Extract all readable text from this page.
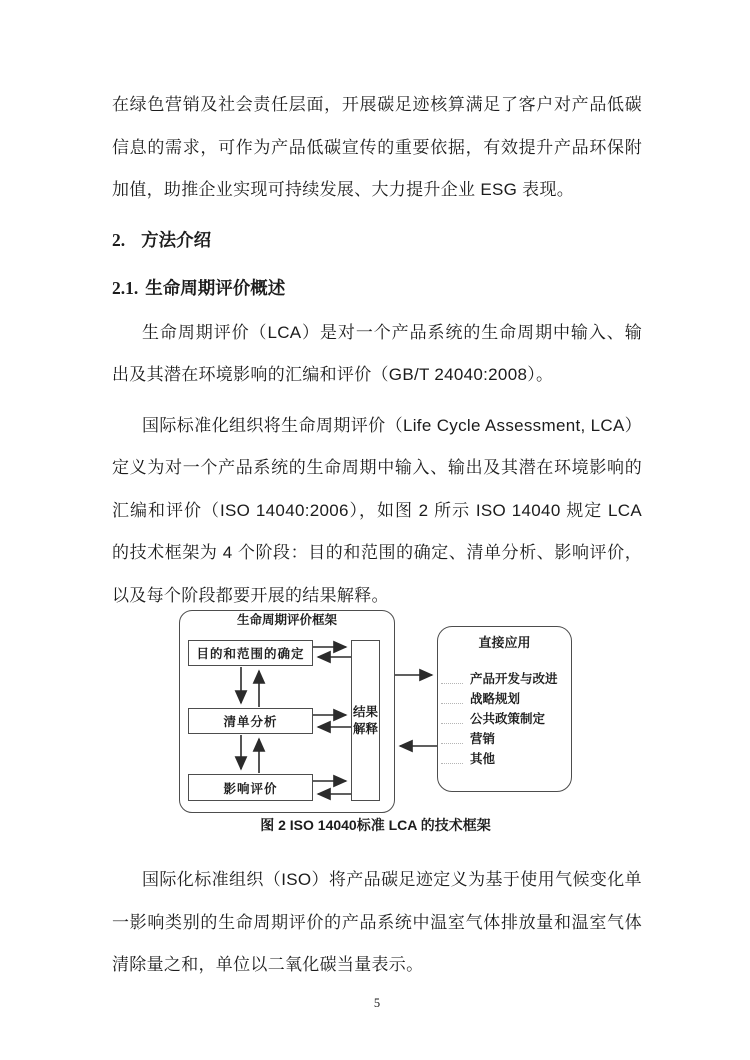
在绿色营销及社会责任层面，开展碳足迹核算满足了客户对产品低碳信息的需求，可作为产品低碳宣传的重要依据，有效提升产品环保附加值，助推企业实现可持续发展、大力提升企业 ESG 表现。

2. 方法介绍
2.1. 生命周期评价概述

生命周期评价（LCA）是对一个产品系统的生命周期中输入、输出及其潜在环境影响的汇编和评价（GB/T 24040:2008）。

国际标准化组织将生命周期评价（Life Cycle Assessment, LCA）定义为对一个产品系统的生命周期中输入、输出及其潜在环境影响的汇编和评价（ISO 14040:2006），如图 2 所示 ISO 14040 规定 LCA 的技术框架为 4 个阶段：目的和范围的确定、清单分析、影响评价，以及每个阶段都要开展的结果解释。

生命周期评价框架
目的和范围的确定
清单分析
影响评价
结果
解释
直接应用
产品开发与改进
战略规划
公共政策制定
营销
其他
图 2 ISO 14040标准 LCA 的技术框架

国际化标准组织（ISO）将产品碳足迹定义为基于使用气候变化单一影响类别的生命周期评价的产品系统中温室气体排放量和温室气体清除量之和，单位以二氧化碳当量表示。

5
